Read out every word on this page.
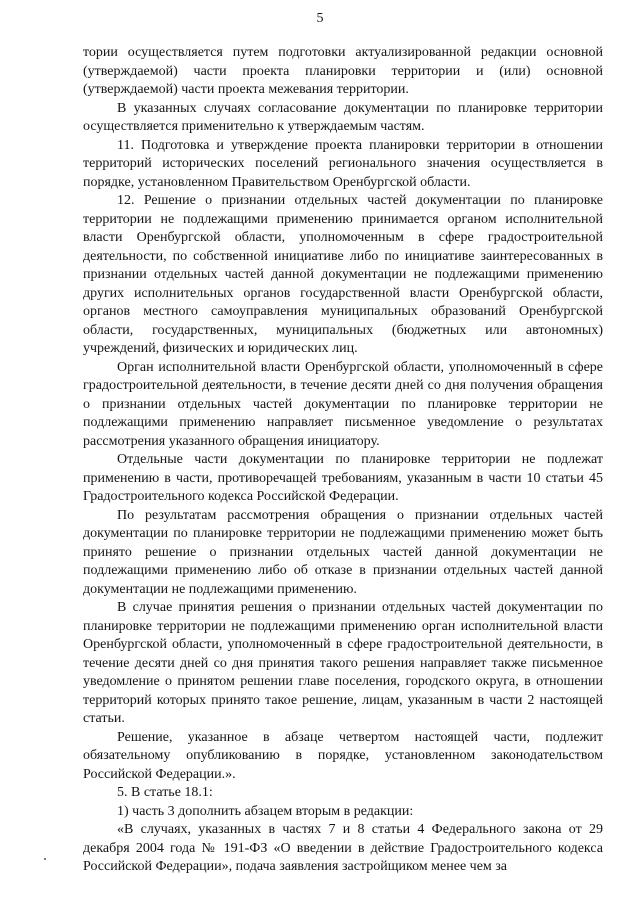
5

тории осуществляется путем подготовки актуализированной редакции основной (утверждаемой) части проекта планировки территории и (или) основной (утверждаемой) части проекта межевания территории.

В указанных случаях согласование документации по планировке территории осуществляется применительно к утверждаемым частям.

11. Подготовка и утверждение проекта планировки территории в отношении территорий исторических поселений регионального значения осуществляется в порядке, установленном Правительством Оренбургской области.

12. Решение о признании отдельных частей документации по планировке территории не подлежащими применению принимается органом исполнительной власти Оренбургской области, уполномоченным в сфере градостроительной деятельности, по собственной инициативе либо по инициативе заинтересованных в признании отдельных частей данной документации не подлежащими применению других исполнительных органов государственной власти Оренбургской области, органов местного самоуправления муниципальных образований Оренбургской области, государственных, муниципальных (бюджетных или автономных) учреждений, физических и юридических лиц.

Орган исполнительной власти Оренбургской области, уполномоченный в сфере градостроительной деятельности, в течение десяти дней со дня получения обращения о признании отдельных частей документации по планировке территории не подлежащими применению направляет письменное уведомление о результатах рассмотрения указанного обращения инициатору.

Отдельные части документации по планировке территории не подлежат применению в части, противоречащей требованиям, указанным в части 10 статьи 45 Градостроительного кодекса Российской Федерации.

По результатам рассмотрения обращения о признании отдельных частей документации по планировке территории не подлежащими применению может быть принято решение о признании отдельных частей данной документации не подлежащими применению либо об отказе в признании отдельных частей данной документации не подлежащими применению.

В случае принятия решения о признании отдельных частей документации по планировке территории не подлежащими применению орган исполнительной власти Оренбургской области, уполномоченный в сфере градостроительной деятельности, в течение десяти дней со дня принятия такого решения направляет также письменное уведомление о принятом решении главе поселения, городского округа, в отношении территорий которых принято такое решение, лицам, указанным в части 2 настоящей статьи.

Решение, указанное в абзаце четвертом настоящей части, подлежит обязательному опубликованию в порядке, установленном законодательством Российской Федерации.».

5. В статье 18.1:

1) часть 3 дополнить абзацем вторым в редакции:

«В случаях, указанных в частях 7 и 8 статьи 4 Федерального закона от 29 декабря 2004 года № 191-ФЗ «О введении в действие Градостроительного кодекса Российской Федерации», подача заявления застройщиком менее чем за
